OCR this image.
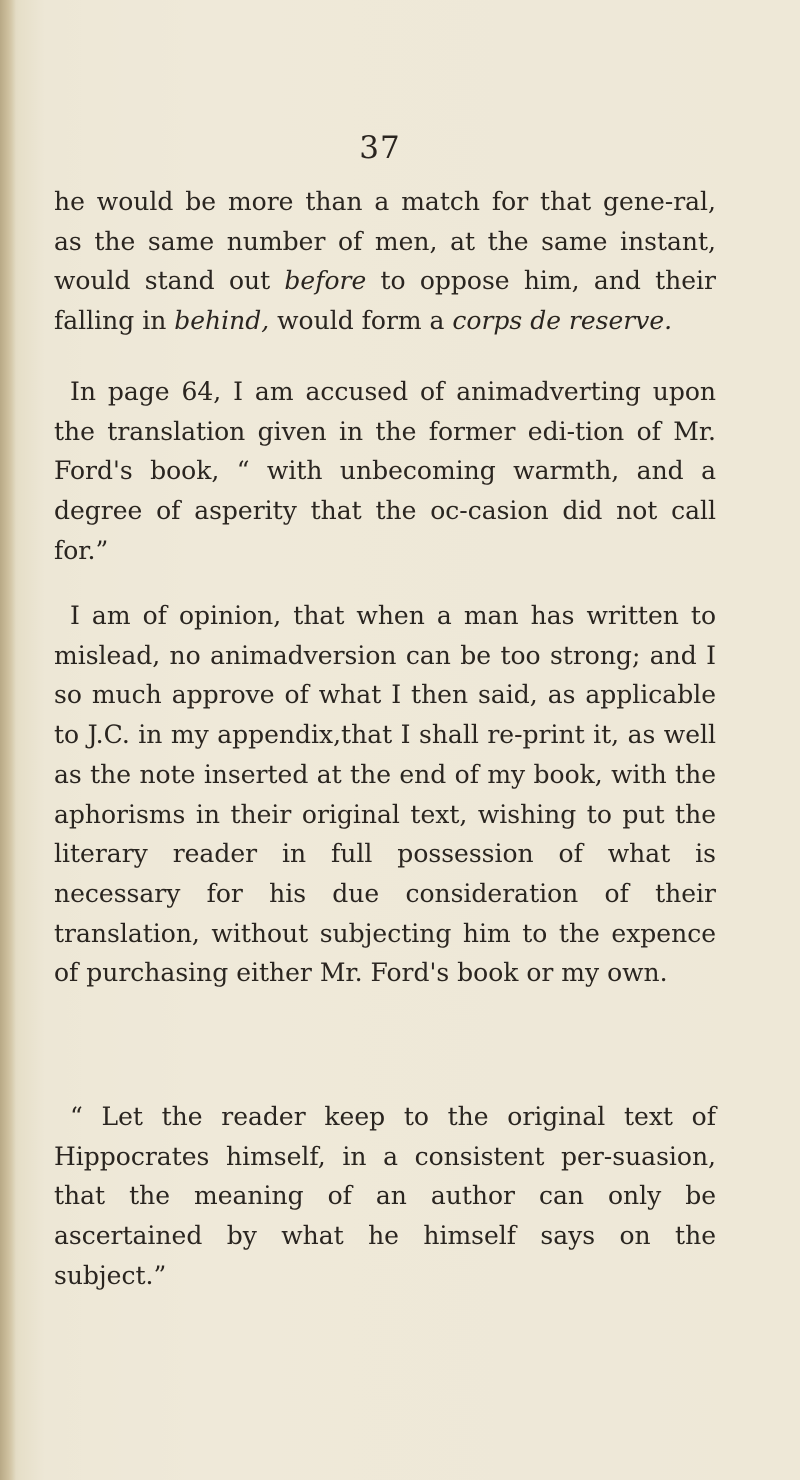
37
he would be more than a match for that gene-ral, as the same number of men, at the same instant, would stand out before to oppose him, and their falling in behind, would form a corps de reserve.
In page 64, I am accused of animadverting upon the translation given in the former edi-tion of Mr. Ford's book, “ with unbecoming warmth, and a degree of asperity that the oc-casion did not call for.”
I am of opinion, that when a man has written to mislead, no animadversion can be too strong; and I so much approve of what I then said, as applicable to J.C. in my appendix,that I shall re-print it, as well as the note inserted at the end of my book, with the aphorisms in their original text, wishing to put the literary reader in full possession of what is necessary for his due consideration of their translation, without subjecting him to the expence of purchasing either Mr. Ford's book or my own.
“ Let the reader keep to the original text of Hippocrates himself, in a consistent per-suasion, that the meaning of an author can only be ascertained by what he himself says on the subject.”
